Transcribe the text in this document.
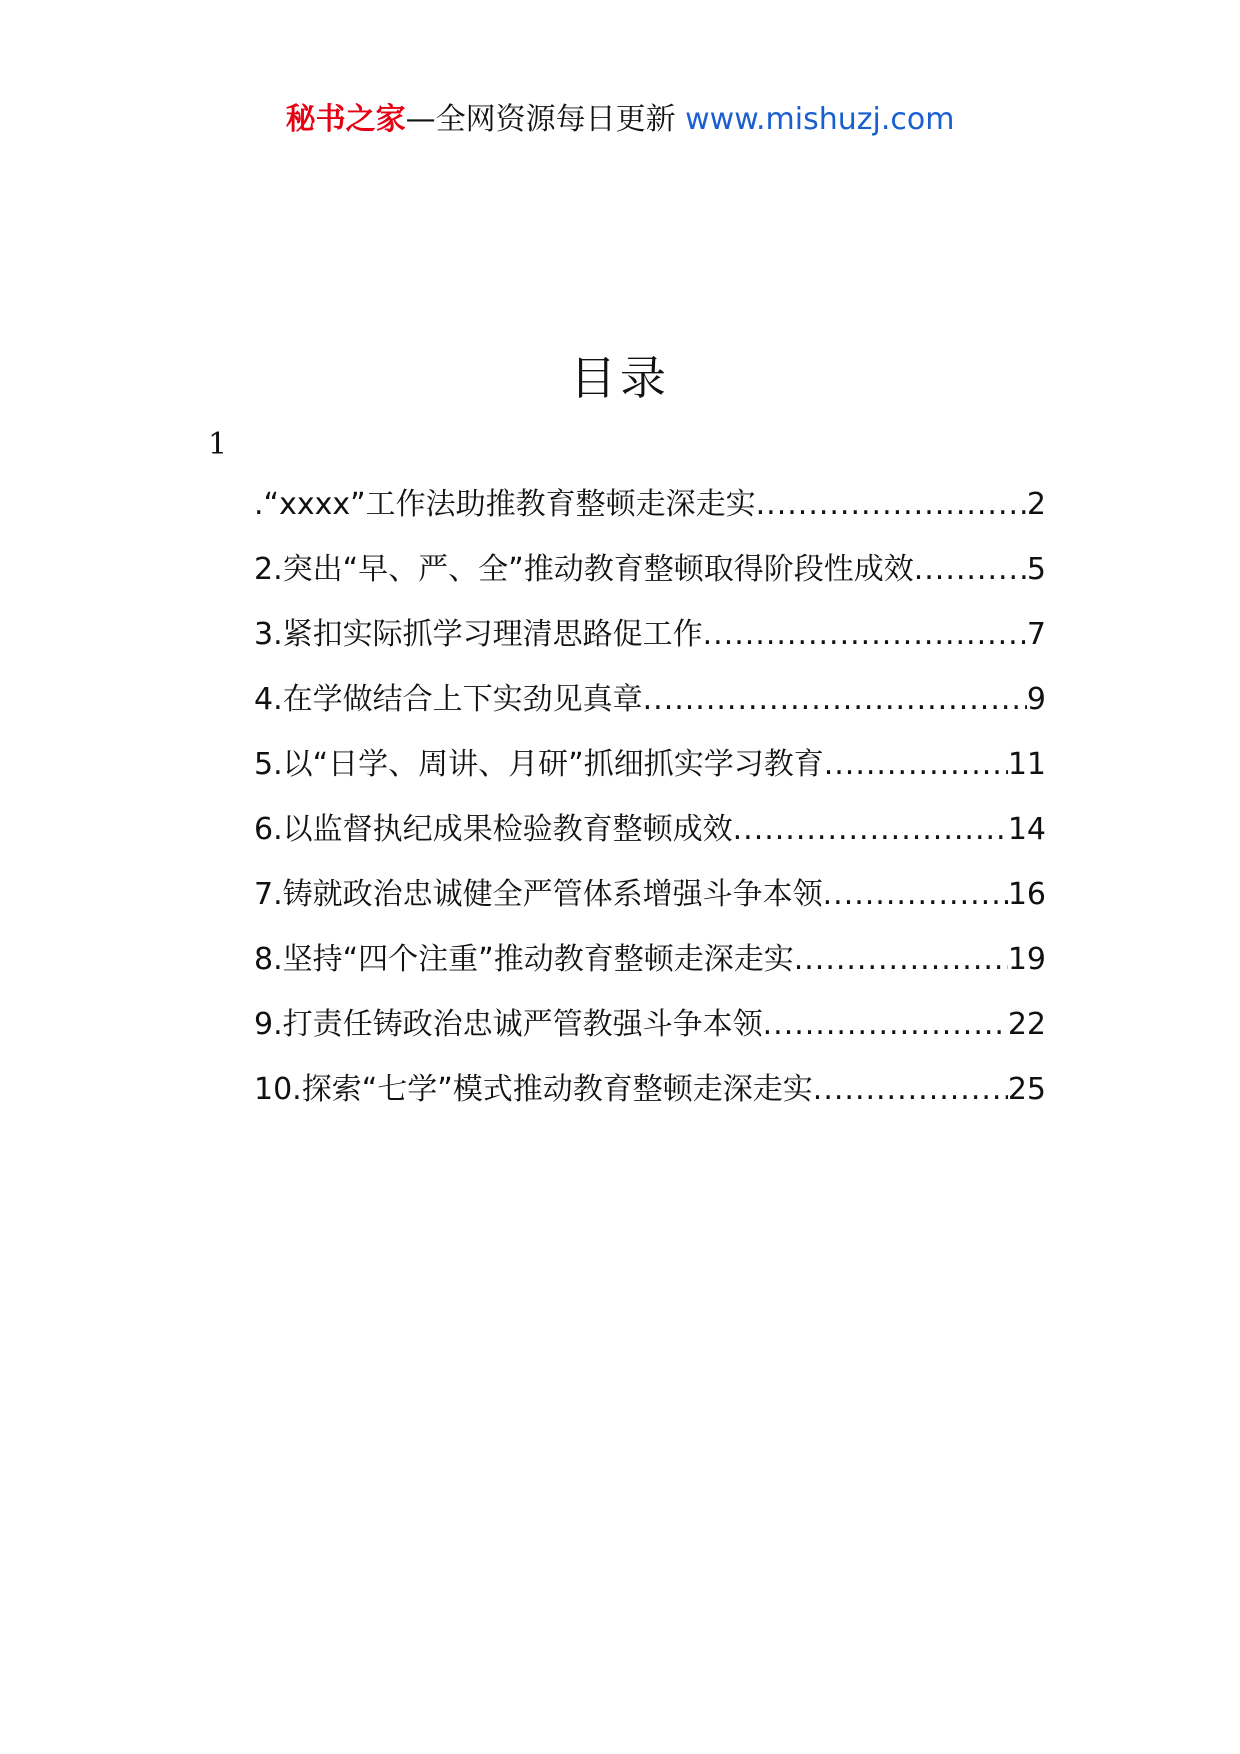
秘书之家—全网资源每日更新 www.mishuzj.com
目录
1
.“xxxx”工作法助推教育整顿走深走实 .....	2
2.突出“早、严、全”推动教育整顿取得阶段性成效 .....	5
3.紧扣实际抓学习理清思路促工作 .....	7
4.在学做结合上下实劲见真章 .....	9
5.以“日学、周讲、月研”抓细抓实学习教育 .....	11
6.以监督执纪成果检验教育整顿成效 .....	14
7.铸就政治忠诚健全严管体系增强斗争本领 .....	16
8.坚持“四个注重”推动教育整顿走深走实 .....	19
9.打责任铸政治忠诚严管教强斗争本领 .....	22
10.探索“七学”模式推动教育整顿走深走实 .....	25
